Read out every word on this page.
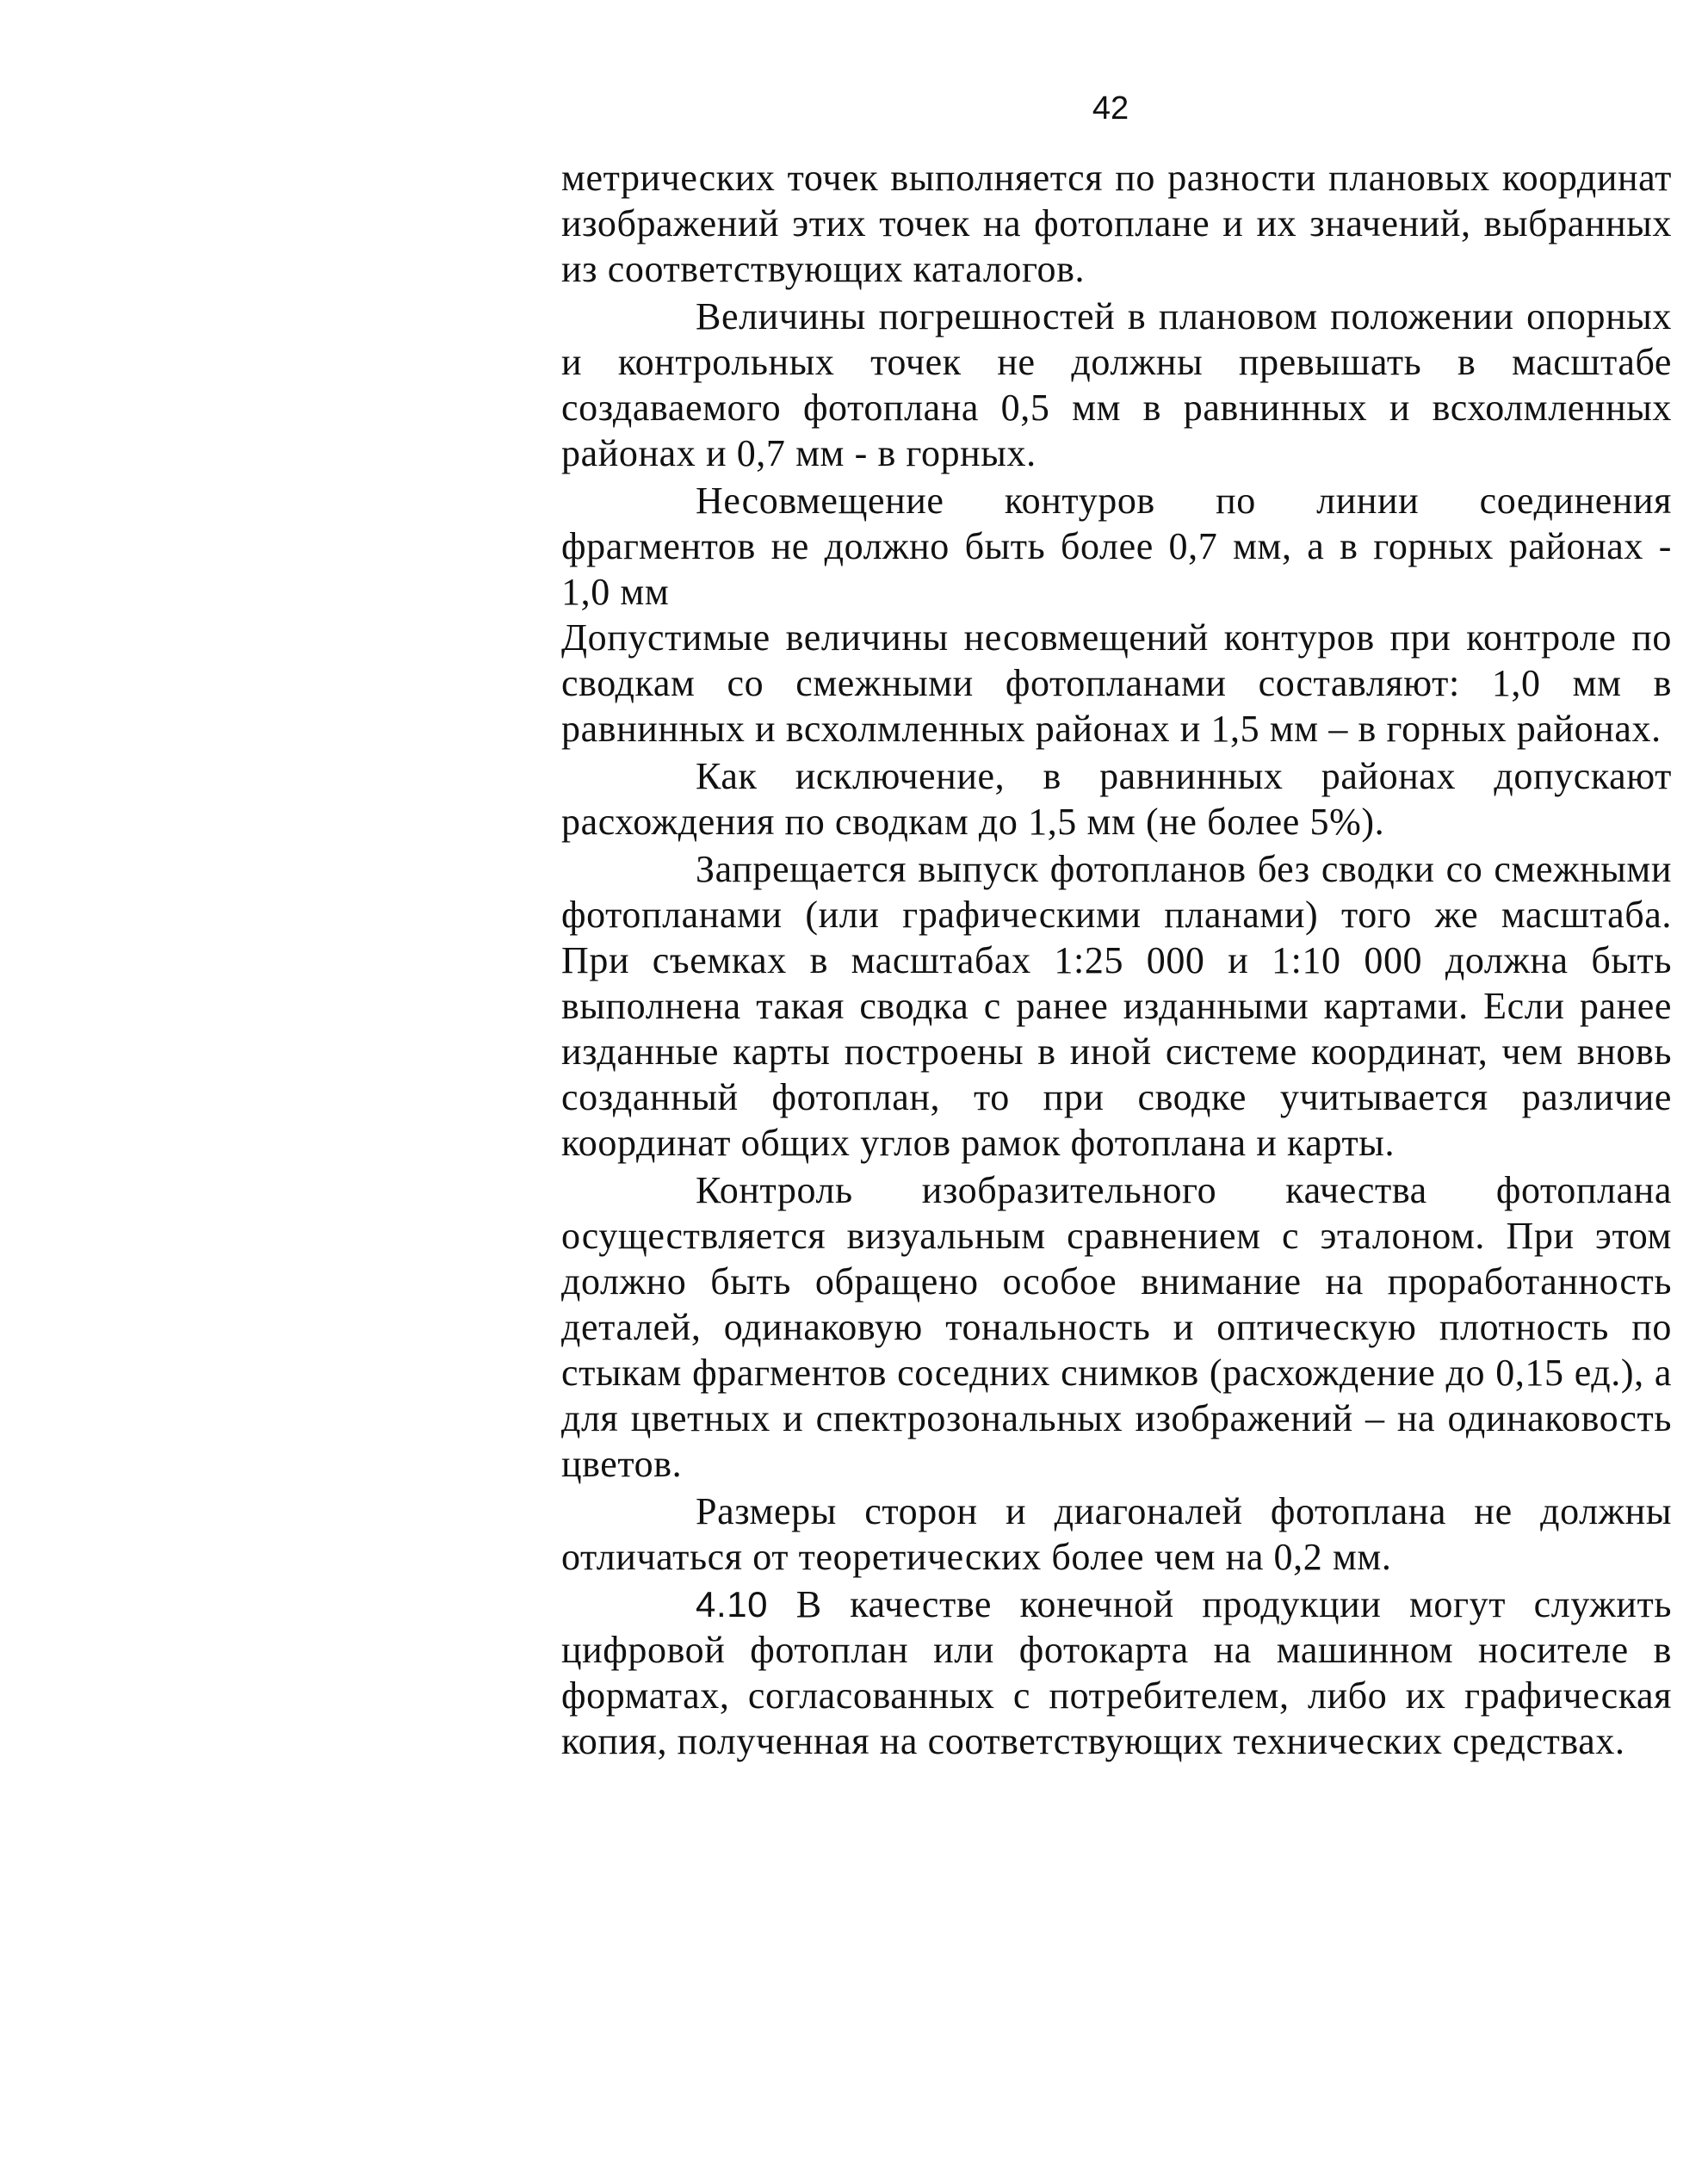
42

метрических точек выполняется по разности плановых координат изображений этих точек на фотоплане и их значений, выбранных из соответствующих каталогов.

Величины погрешностей в плановом положении опорных и контрольных точек не должны превышать в масштабе создаваемого фотоплана 0,5 мм в равнинных и всхолмленных районах и 0,7 мм - в горных.

Несовмещение контуров по линии соединения фрагментов не должно быть более 0,7 мм, а в горных районах - 1,0 мм

Допустимые величины несовмещений контуров при контроле по сводкам со смежными фотопланами составляют: 1,0 мм в равнинных и всхолмленных районах и 1,5 мм – в горных районах.

Как исключение, в равнинных районах допускают расхождения по сводкам до 1,5 мм (не более 5%).

Запрещается выпуск фотопланов без сводки со смежными фотопланами (или графическими планами) того же масштаба. При съемках в масштабах 1:25 000 и 1:10 000 должна быть выполнена такая сводка с ранее изданными картами. Если ранее изданные карты построены в иной системе координат, чем вновь созданный фотоплан, то при сводке учитывается различие координат общих углов рамок фотоплана и карты.

Контроль изобразительного качества фотоплана осуществляется визуальным сравнением с эталоном. При этом должно быть обращено особое внимание на проработанность деталей, одинаковую тональность и оптическую плотность по стыкам фрагментов соседних снимков (расхождение до 0,15 ед.), а для цветных и спектрозональных изображений – на одинаковость цветов.

Размеры сторон и диагоналей фотоплана не должны отличаться от теоретических более чем на 0,2 мм.

4.10 В качестве конечной продукции могут служить цифровой фотоплан или фотокарта на машинном носителе в форматах, согласованных с потребителем, либо их графическая копия, полученная на соответствующих технических средствах.
